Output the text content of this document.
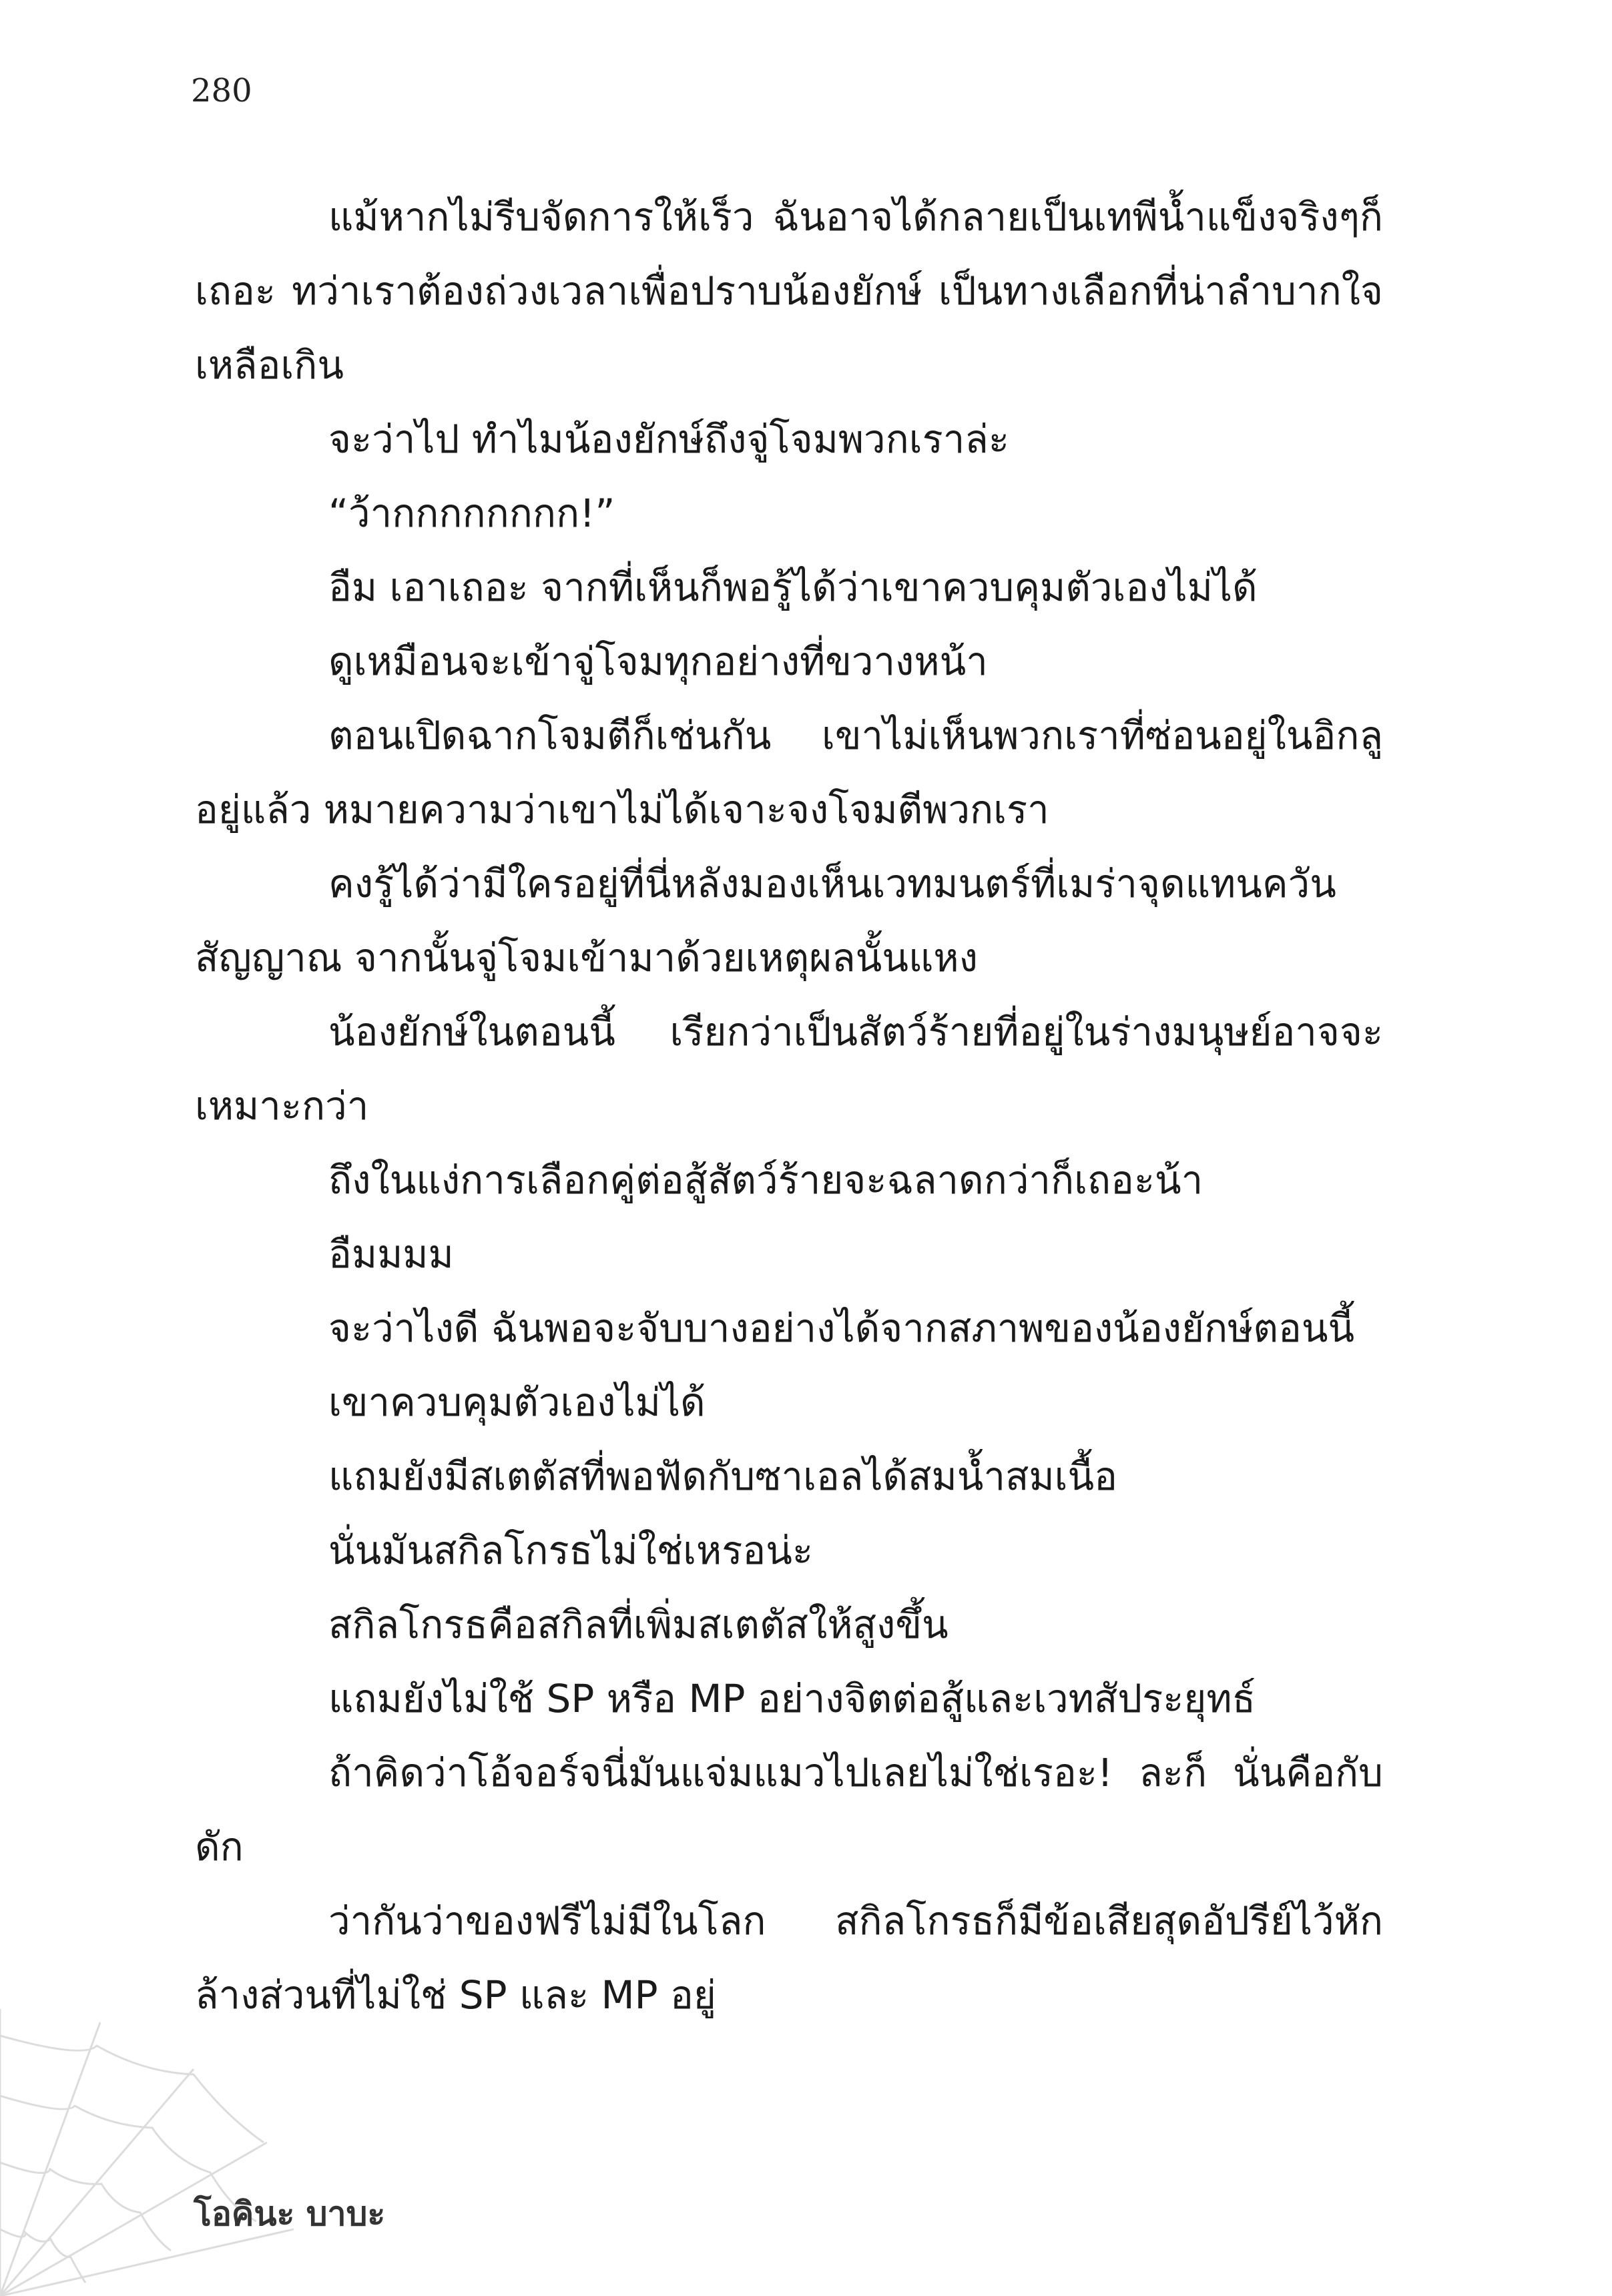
280

แม้หากไม่รีบจัดการให้เร็ว ฉันอาจได้กลายเป็นเทพีน้ำแข็งจริงๆก็เถอะ ทว่าเราต้องถ่วงเวลาเพื่อปราบน้องยักษ์ เป็นทางเลือกที่น่าลำบากใจเหลือเกิน

จะว่าไป ทำไมน้องยักษ์ถึงจู่โจมพวกเราล่ะ

“ว้ากกกกกกกก!”

อืม เอาเถอะ จากที่เห็นก็พอรู้ได้ว่าเขาควบคุมตัวเองไม่ได้

ดูเหมือนจะเข้าจู่โจมทุกอย่างที่ขวางหน้า

ตอนเปิดฉากโจมตีก็เช่นกัน เขาไม่เห็นพวกเราที่ซ่อนอยู่ในอิกลูอยู่แล้ว หมายความว่าเขาไม่ได้เจาะจงโจมตีพวกเรา

คงรู้ได้ว่ามีใครอยู่ที่นี่หลังมองเห็นเวทมนตร์ที่เมร่าจุดแทนควันสัญญาณ จากนั้นจู่โจมเข้ามาด้วยเหตุผลนั้นแหง

น้องยักษ์ในตอนนี้ เรียกว่าเป็นสัตว์ร้ายที่อยู่ในร่างมนุษย์อาจจะเหมาะกว่า

ถึงในแง่การเลือกคู่ต่อสู้สัตว์ร้ายจะฉลาดกว่าก็เถอะน้า

อืมมมม

จะว่าไงดี ฉันพอจะจับบางอย่างได้จากสภาพของน้องยักษ์ตอนนี้

เขาควบคุมตัวเองไม่ได้

แถมยังมีสเตตัสที่พอฟัดกับซาเอลได้สมน้ำสมเนื้อ

นั่นมันสกิลโกรธไม่ใช่เหรอน่ะ

สกิลโกรธคือสกิลที่เพิ่มสเตตัสให้สูงขึ้น

แถมยังไม่ใช้ SP หรือ MP อย่างจิตต่อสู้และเวทสัประยุทธ์

ถ้าคิดว่าโอ้จอร์จนี่มันแจ่มแมวไปเลยไม่ใช่เรอะ! ละก็ นั่นคือกับดัก

ว่ากันว่าของฟรีไม่มีในโลก สกิลโกรธก็มีข้อเสียสุดอัปรีย์ไว้หักล้างส่วนที่ไม่ใช่ SP และ MP อยู่

โอคินะ บาบะ
